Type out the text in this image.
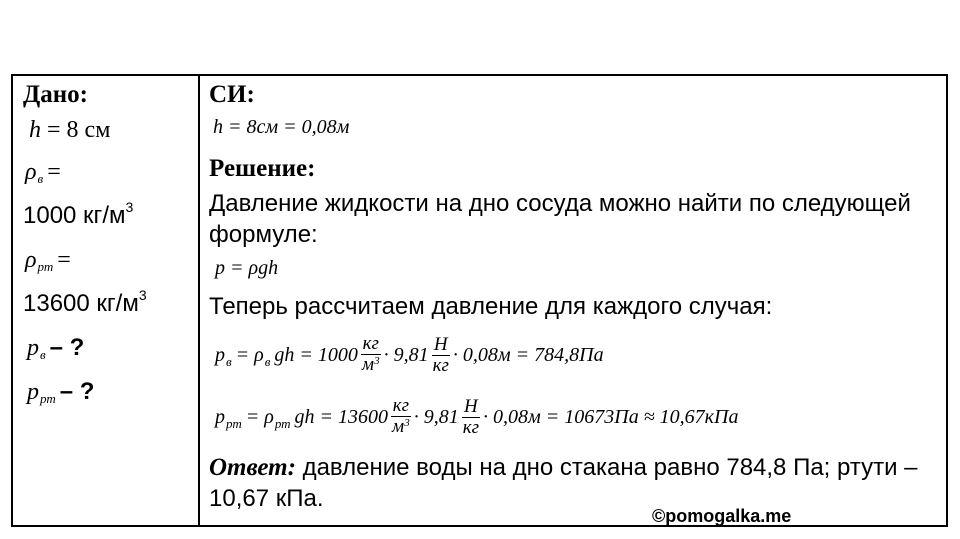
Дано:
h
= 8 см
ρ в =
1000 кг/м 3
ρ рт =
13600 кг/м 3
p в – ?
p рт – ?
СИ:
h = 8см = 0,08м
Решение:
Давление жидкости на дно сосуда можно найти по следующей формуле:
p = ρgh
Теперь рассчитаем давление для каждого случая:
p в = ρ в gh = $1000 \frac{кг}{м^3} \cdot 9,81 \frac{Н}{кг} \cdot 0,08м = 784,8Па$
p рт = ρ рт gh = $13600 \frac{кг}{м^3} \cdot 9,81 \frac{Н}{кг} \cdot 0,08м = 10673Па \approx 10,67кПа$
Ответ: давление воды на дно стакана равно 784,8 Па; ртути – 10,67 кПа.
©pomogalka.me
